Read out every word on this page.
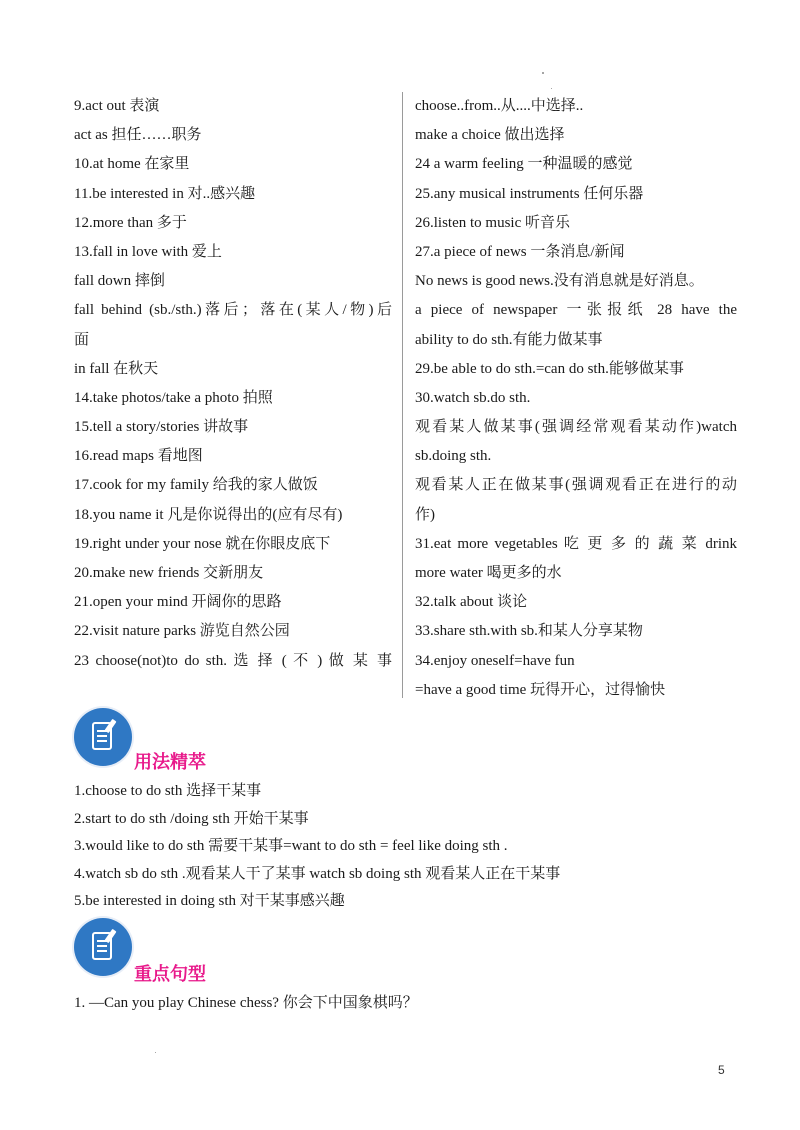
9.act out 表演
act as 担任……职务
10.at home 在家里
11.be interested in 对..感兴趣
12.more than 多于
13.fall in love with 爱上
fall down 摔倒
fall behind (sb./sth.)落后；落在(某人/物)后
面
in fall 在秋天
14.take photos/take a photo 拍照
15.tell a story/stories 讲故事
16.read maps 看地图
17.cook for my family 给我的家人做饭
18.you name it 凡是你说得出的(应有尽有)
19.right under your nose 就在你眼皮底下
20.make new friends 交新朋友
21.open your mind 开阔你的思路
22.visit nature parks 游览自然公园
23 choose(not)to do sth. 选 择 ( 不 ) 做 某 事
choose..from..从....中选择..
make a choice 做出选择
24 a warm feeling 一种温暖的感觉
25.any musical instruments 任何乐器
26.listen to music 听音乐
27.a piece of news 一条消息/新闻
No news is good news.没有消息就是好消息。
a piece of newspaper 一张报纸 28 have the
ability to do sth.有能力做某事
29.be able to do sth.=can do sth.能够做某事
30.watch sb.do sth.
观看某人做某事(强调经常观看某动作)watch
sb.doing sth.
观看某人正在做某事(强调观看正在进行的动
作)
31.eat more vegetables 吃 更 多 的 蔬 菜 drink
more water 喝更多的水
32.talk about 谈论
33.share sth.with sb.和某人分享某物
34.enjoy oneself=have fun
=have a good time 玩得开心，过得愉快
用法精萃
1.choose to do sth 选择干某事
2.start to do sth /doing sth 开始干某事
3.would like to do sth 需要干某事=want to do sth = feel like doing sth .
4.watch sb do sth .观看某人干了某事 watch sb doing sth 观看某人正在干某事
5.be interested in doing sth 对干某事感兴趣
重点句型
1. —Can you play Chinese chess? 你会下中国象棋吗？
5
